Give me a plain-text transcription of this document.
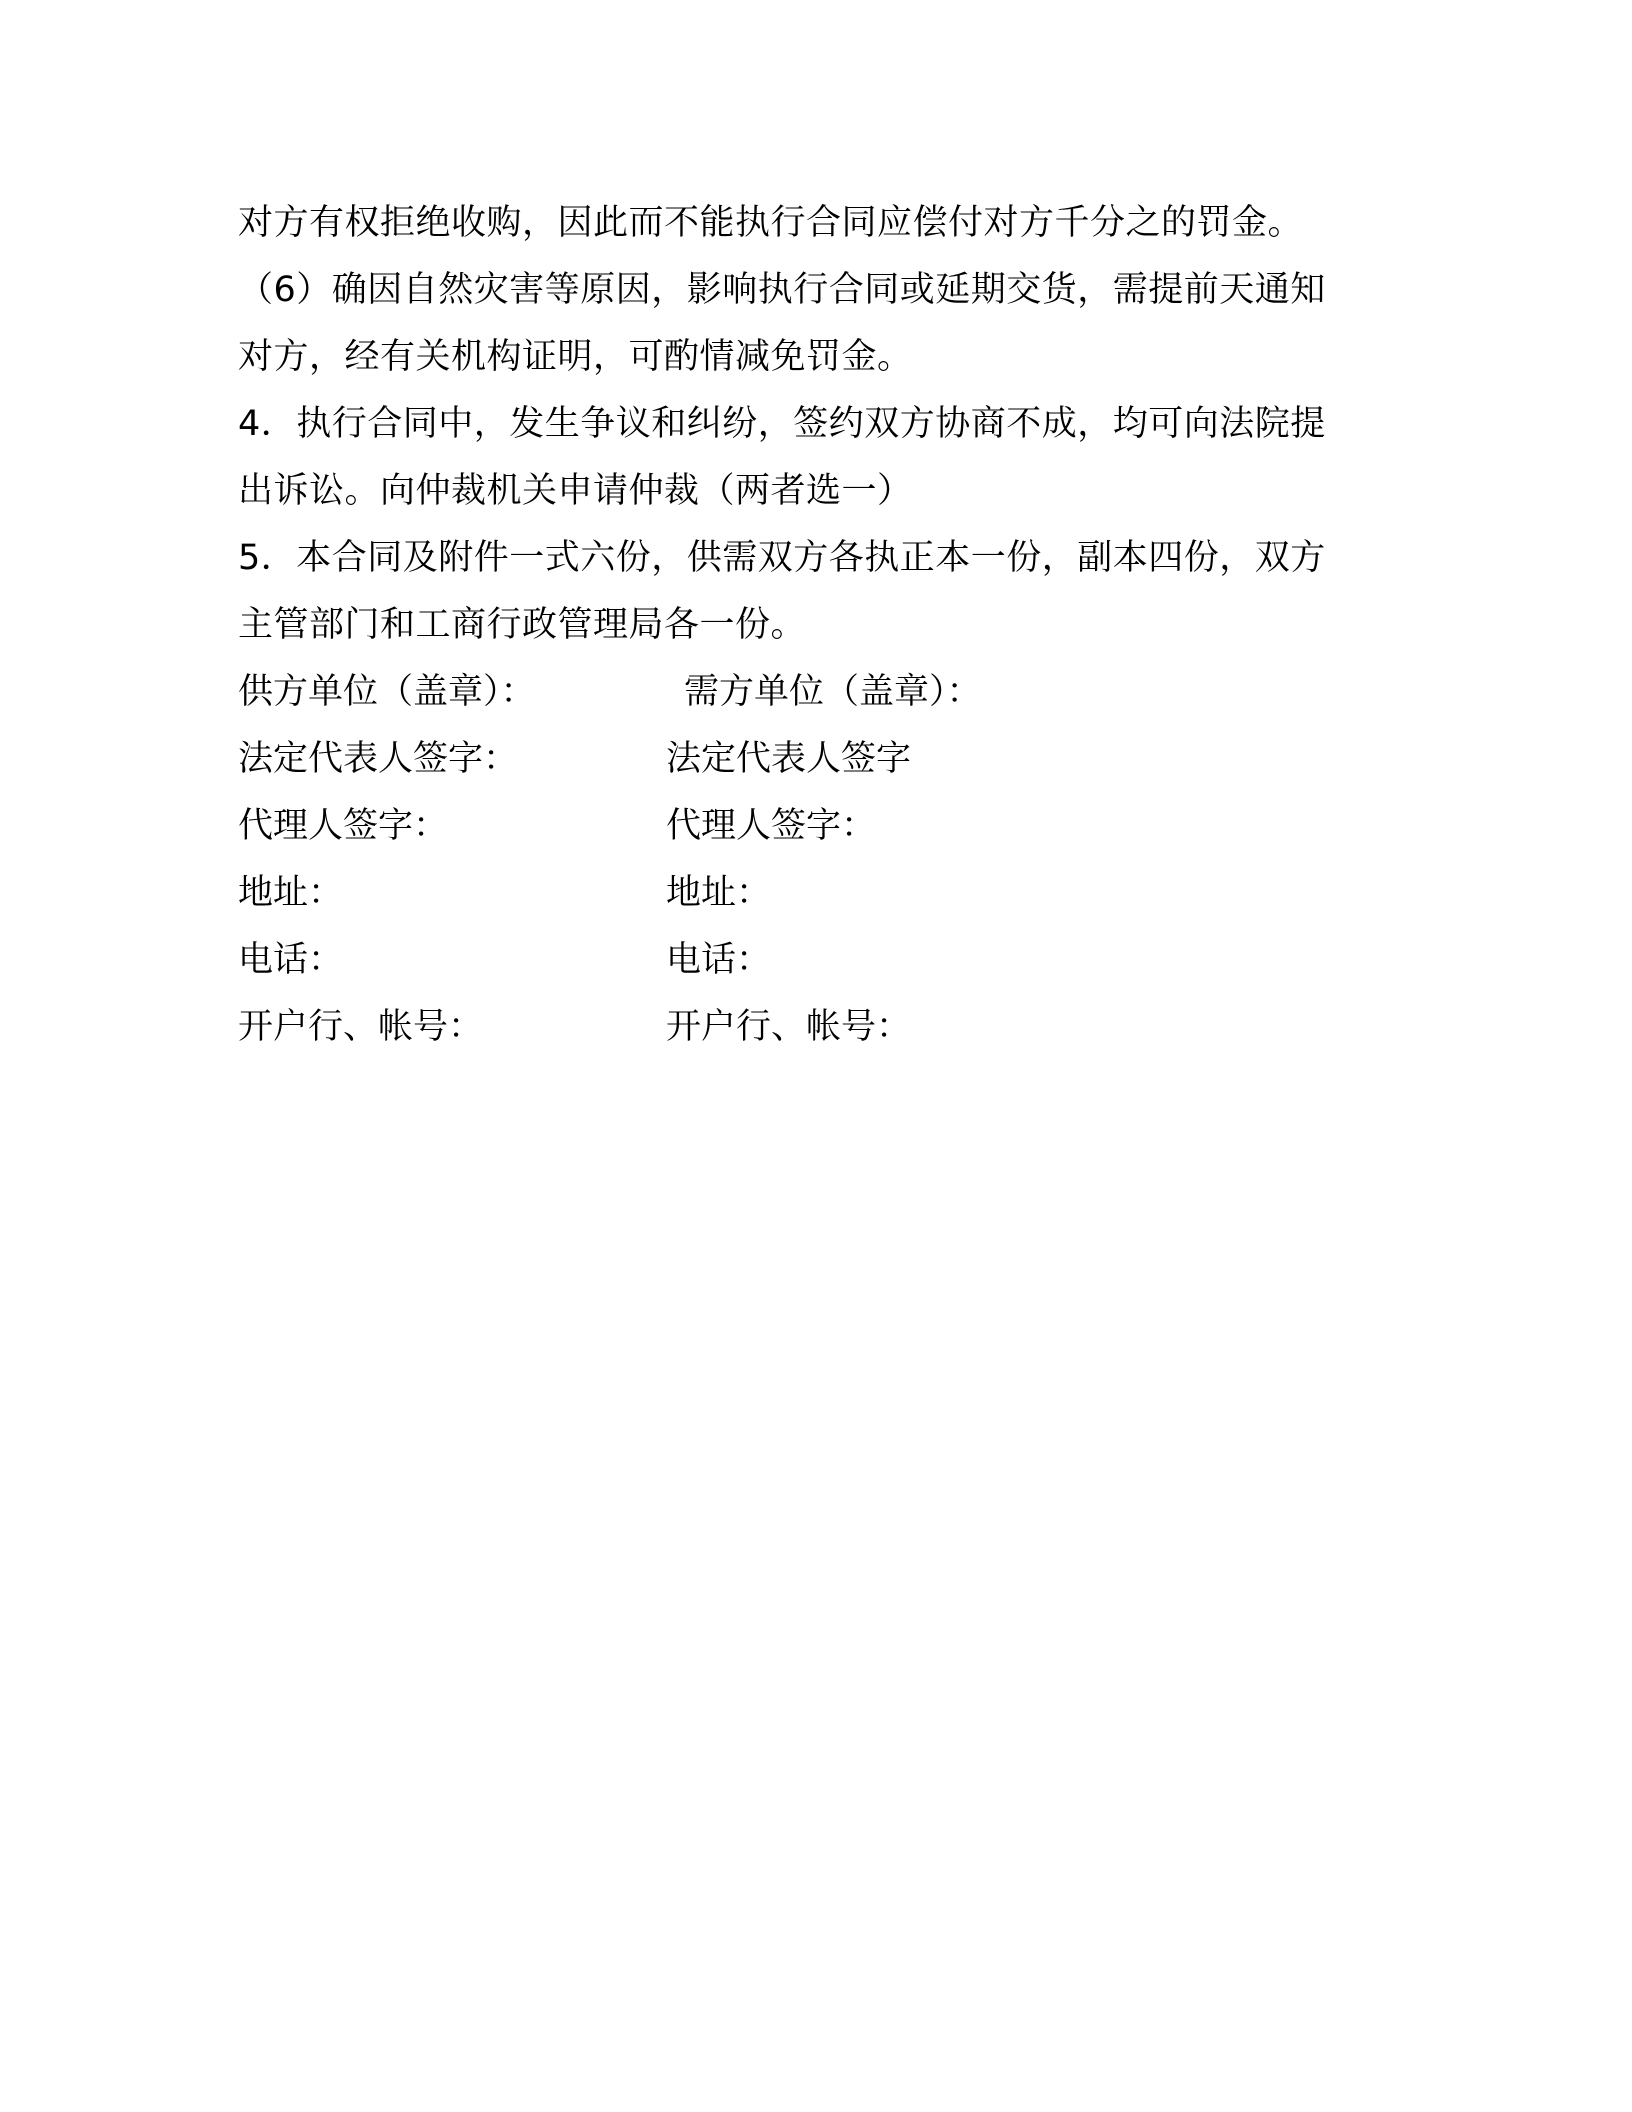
对方有权拒绝收购，因此而不能执行合同应偿付对方千分之的罚金。
（6）确因自然灾害等原因，影响执行合同或延期交货，需提前天通知
对方，经有关机构证明，可酌情减免罚金。
4．执行合同中，发生争议和纠纷，签约双方协商不成，均可向法院提
出诉讼。向仲裁机关申请仲裁（两者选一）
5．本合同及附件一式六份，供需双方各执正本一份，副本四份，双方
主管部门和工商行政管理局各一份。
供方单位（盖章）：	需方单位（盖章）：
法定代表人签字：	法定代表人签字
代理人签字：	代理人签字：
地址：	地址：
电话：	电话：
开户行、帐号：	开户行、帐号：
